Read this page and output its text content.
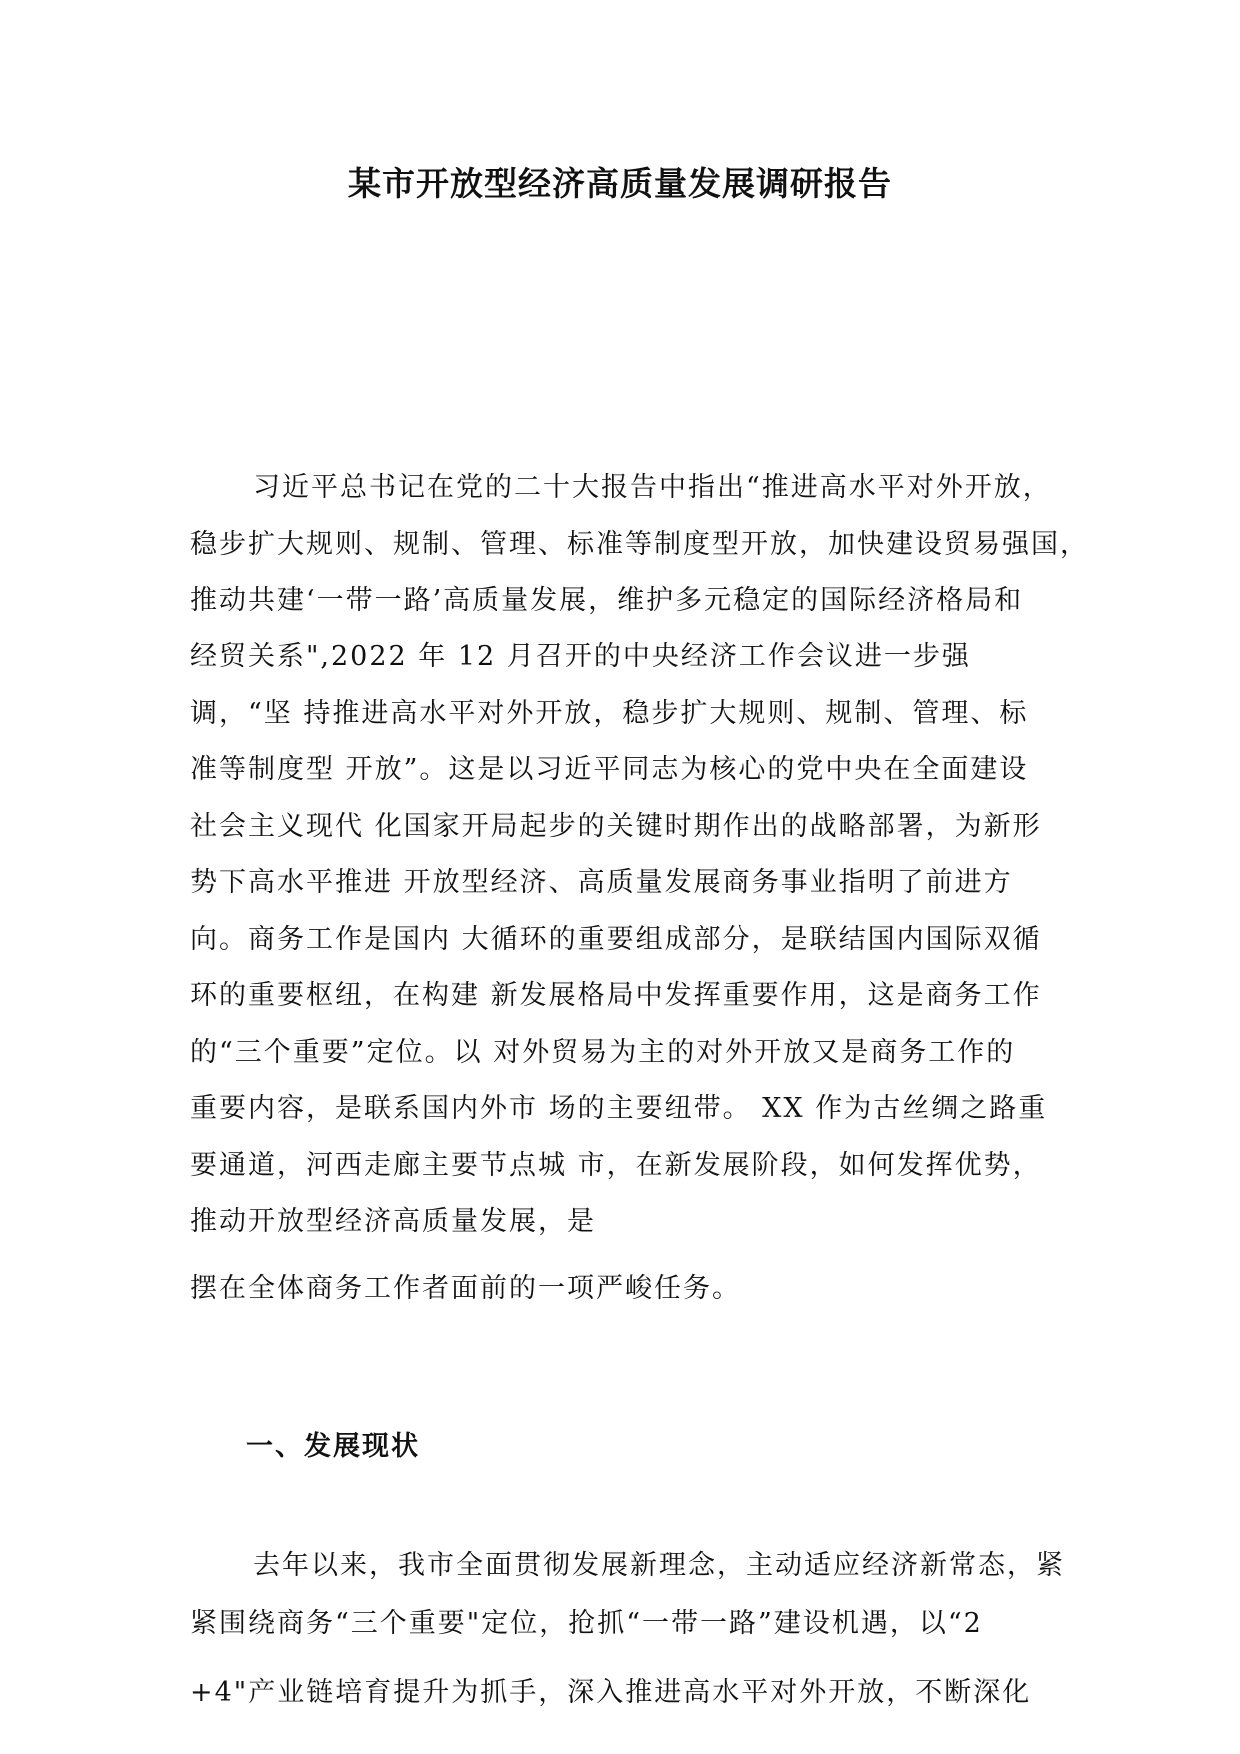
某市开放型经济高质量发展调研报告

习近平总书记在党的二十大报告中指出“推进高水平对外开放，

稳步扩大规则、规制、管理、标准等制度型开放，加快建设贸易强国，

推动共建‘一带一路’高质量发展，维护多元稳定的国际经济格局和

经贸关系",2022 年 12 月召开的中央经济工作会议进一步强

调，“坚 持推进高水平对外开放，稳步扩大规则、规制、管理、标

准等制度型 开放”。这是以习近平同志为核心的党中央在全面建设

社会主义现代 化国家开局起步的关键时期作出的战略部署，为新形

势下高水平推进 开放型经济、高质量发展商务事业指明了前进方

向。商务工作是国内 大循环的重要组成部分，是联结国内国际双循

环的重要枢纽，在构建 新发展格局中发挥重要作用，这是商务工作

的“三个重要”定位。以 对外贸易为主的对外开放又是商务工作的

重要内容，是联系国内外市 场的主要纽带。 XX 作为古丝绸之路重

要通道，河西走廊主要节点城 市，在新发展阶段，如何发挥优势，

推动开放型经济高质量发展，是

摆在全体商务工作者面前的一项严峻任务。

一、发展现状

去年以来，我市全面贯彻发展新理念，主动适应经济新常态，紧

紧围绕商务“三个重要"定位，抢抓“一带一路”建设机遇，以“2

+4"产业链培育提升为抓手，深入推进高水平对外开放，不断深化
